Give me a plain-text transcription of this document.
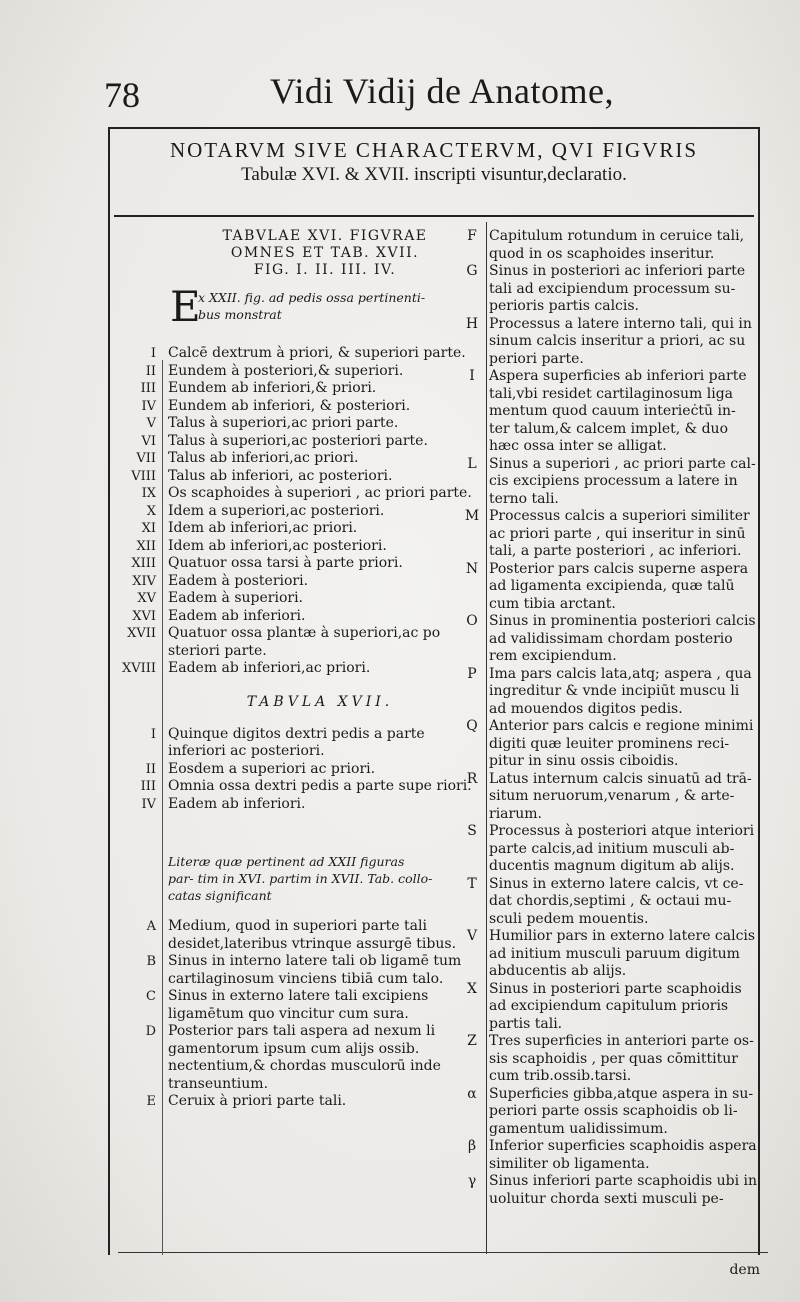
78	Vidi Vidij de Anatome,
NOTARVM SIVE CHARACTERVM, QVI FIGVRIS
Tabulæ XVI. & XVII. inscripti visuntur,declaratio.
TABVLAE XVI. FIGVRAE
OMNES ET TAB. XVII.
FIG. I. II. III. IV.
E
x XXII. fig. ad pedis ossa pertinenti- bus monstrat
I Calcē dextrum à priori, & superiori parte.
II Eundem à posteriori,& superiori.
III Eundem ab inferiori,& priori.
IV Eundem ab inferiori, & posteriori.
V Talus à superiori,ac priori parte.
VI Talus à superiori,ac posteriori parte.
VII Talus ab inferiori,ac priori.
VIII Talus ab inferiori, ac posteriori.
IX Os scaphoides à superiori , ac priori parte.
X Idem a superiori,ac posteriori.
XI Idem ab inferiori,ac priori.
XII Idem ab inferiori,ac posteriori.
XIII Quatuor ossa tarsi à parte priori.
XIV Eadem à posteriori.
XV Eadem à superiori.
XVI Eadem ab inferiori.
XVII Quatuor ossa plantæ à superiori,ac po steriori parte.
XVIII Eadem ab inferiori,ac priori.
TABVLA XVII.
I Quinque digitos dextri pedis a parte inferiori ac posteriori.
II Eosdem a superiori ac priori.
III Omnia ossa dextri pedis a parte supe riori.
IV Eadem ab inferiori.
Literæ quæ pertinent ad XXII figuras par- tim in XVI. partim in XVII. Tab. collo- catas significant
A Medium, quod in superiori parte tali desidet,lateribus vtrinque assurgē tibus.
B Sinus in interno latere tali ob ligamē tum cartilaginosum vinciens tibiā cum talo.
C Sinus in externo latere tali excipiens ligamētum quo vincitur cum sura.
D Posterior pars tali aspera ad nexum li gamentorum ipsum cum alijs ossib. nectentium,& chordas musculorū inde transeuntium.
E Ceruix à priori parte tali.
F Capitulum rotundum in ceruice tali, quod in os scaphoides inseritur.
G Sinus in posteriori ac inferiori parte tali ad excipiendum processum su- perioris partis calcis.
H Processus a latere interno tali, qui in sinum calcis inseritur a priori, ac su periori parte.
I	Aspera superficies ab inferiori parte tali,vbi residet cartilaginosum liga mentum quod cauum interieċtū in- ter talum,& calcem implet, & duo hæc ossa inter se alligat.
L Sinus a superiori , ac priori parte cal- cis excipiens processum a latere in terno tali.
M Processus calcis a superiori similiter ac priori parte , qui inseritur in sinū tali, a parte posteriori , ac inferiori.
N Posterior pars calcis superne aspera ad ligamenta excipienda, quæ talū cum tibia arctant.
O Sinus in prominentia posteriori calcis ad validissimam chordam posterio rem excipiendum.
P Ima pars calcis lata,atq; aspera , qua ingreditur & vnde incipiūt muscu li ad mouendos digitos pedis.
Q Anterior pars calcis e regione minimi digiti quæ leuiter prominens reci- pitur in sinu ossis ciboidis.
R Latus internum calcis sinuatū ad trā- situm neruorum,venarum , & arte- riarum.
S Processus à posteriori atque interiori parte calcis,ad initium musculi ab- ducentis magnum digitum ab alijs.
T Sinus in externo latere calcis, vt ce- dat chordis,septimi , & octaui mu- sculi pedem mouentis.
V Humilior pars in externo latere calcis ad initium musculi paruum digitum abducentis ab alijs.
X Sinus in posteriori parte scaphoidis ad excipiendum capitulum prioris partis tali.
Z Tres superficies in anteriori parte os- sis scaphoidis , per quas cōmittitur cum trib.ossib.tarsi.
α Superficies gibba,atque aspera in su- periori parte ossis scaphoidis ob li- gamentum ualidissimum.
β Inferior superficies scaphoidis aspera similiter ob ligamenta.
γ Sinus inferiori parte scaphoidis ubi in uoluitur chorda sexti musculi pe-
dem
